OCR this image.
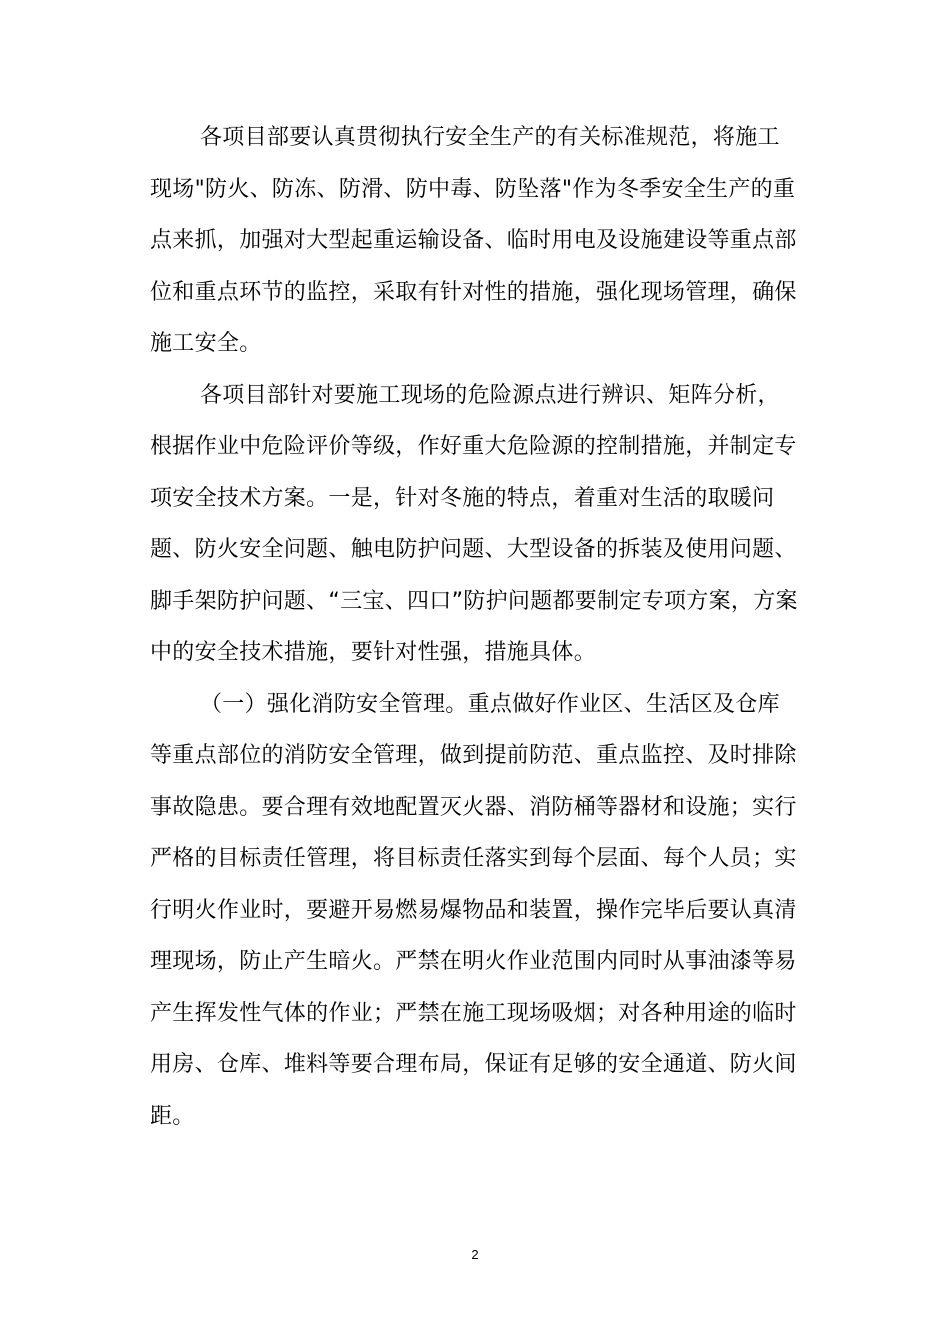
各项目部要认真贯彻执行安全生产的有关标准规范，将施工
现场"防火、防冻、防滑、防中毒、防坠落"作为冬季安全生产的重
点来抓，加强对大型起重运输设备、临时用电及设施建设等重点部
位和重点环节的监控，采取有针对性的措施，强化现场管理，确保
施工安全。
各项目部针对要施工现场的危险源点进行辨识、矩阵分析，
根据作业中危险评价等级，作好重大危险源的控制措施，并制定专
项安全技术方案。一是，针对冬施的特点，着重对生活的取暖问
题、防火安全问题、触电防护问题、大型设备的拆装及使用问题、
脚手架防护问题、“三宝、四口”防护问题都要制定专项方案，方案
中的安全技术措施，要针对性强，措施具体。
（一）强化消防安全管理。重点做好作业区、生活区及仓库
等重点部位的消防安全管理，做到提前防范、重点监控、及时排除
事故隐患。要合理有效地配置灭火器、消防桶等器材和设施；实行
严格的目标责任管理，将目标责任落实到每个层面、每个人员；实
行明火作业时，要避开易燃易爆物品和装置，操作完毕后要认真清
理现场，防止产生暗火。严禁在明火作业范围内同时从事油漆等易
产生挥发性气体的作业；严禁在施工现场吸烟；对各种用途的临时
用房、仓库、堆料等要合理布局，保证有足够的安全通道、防火间
距。
2
